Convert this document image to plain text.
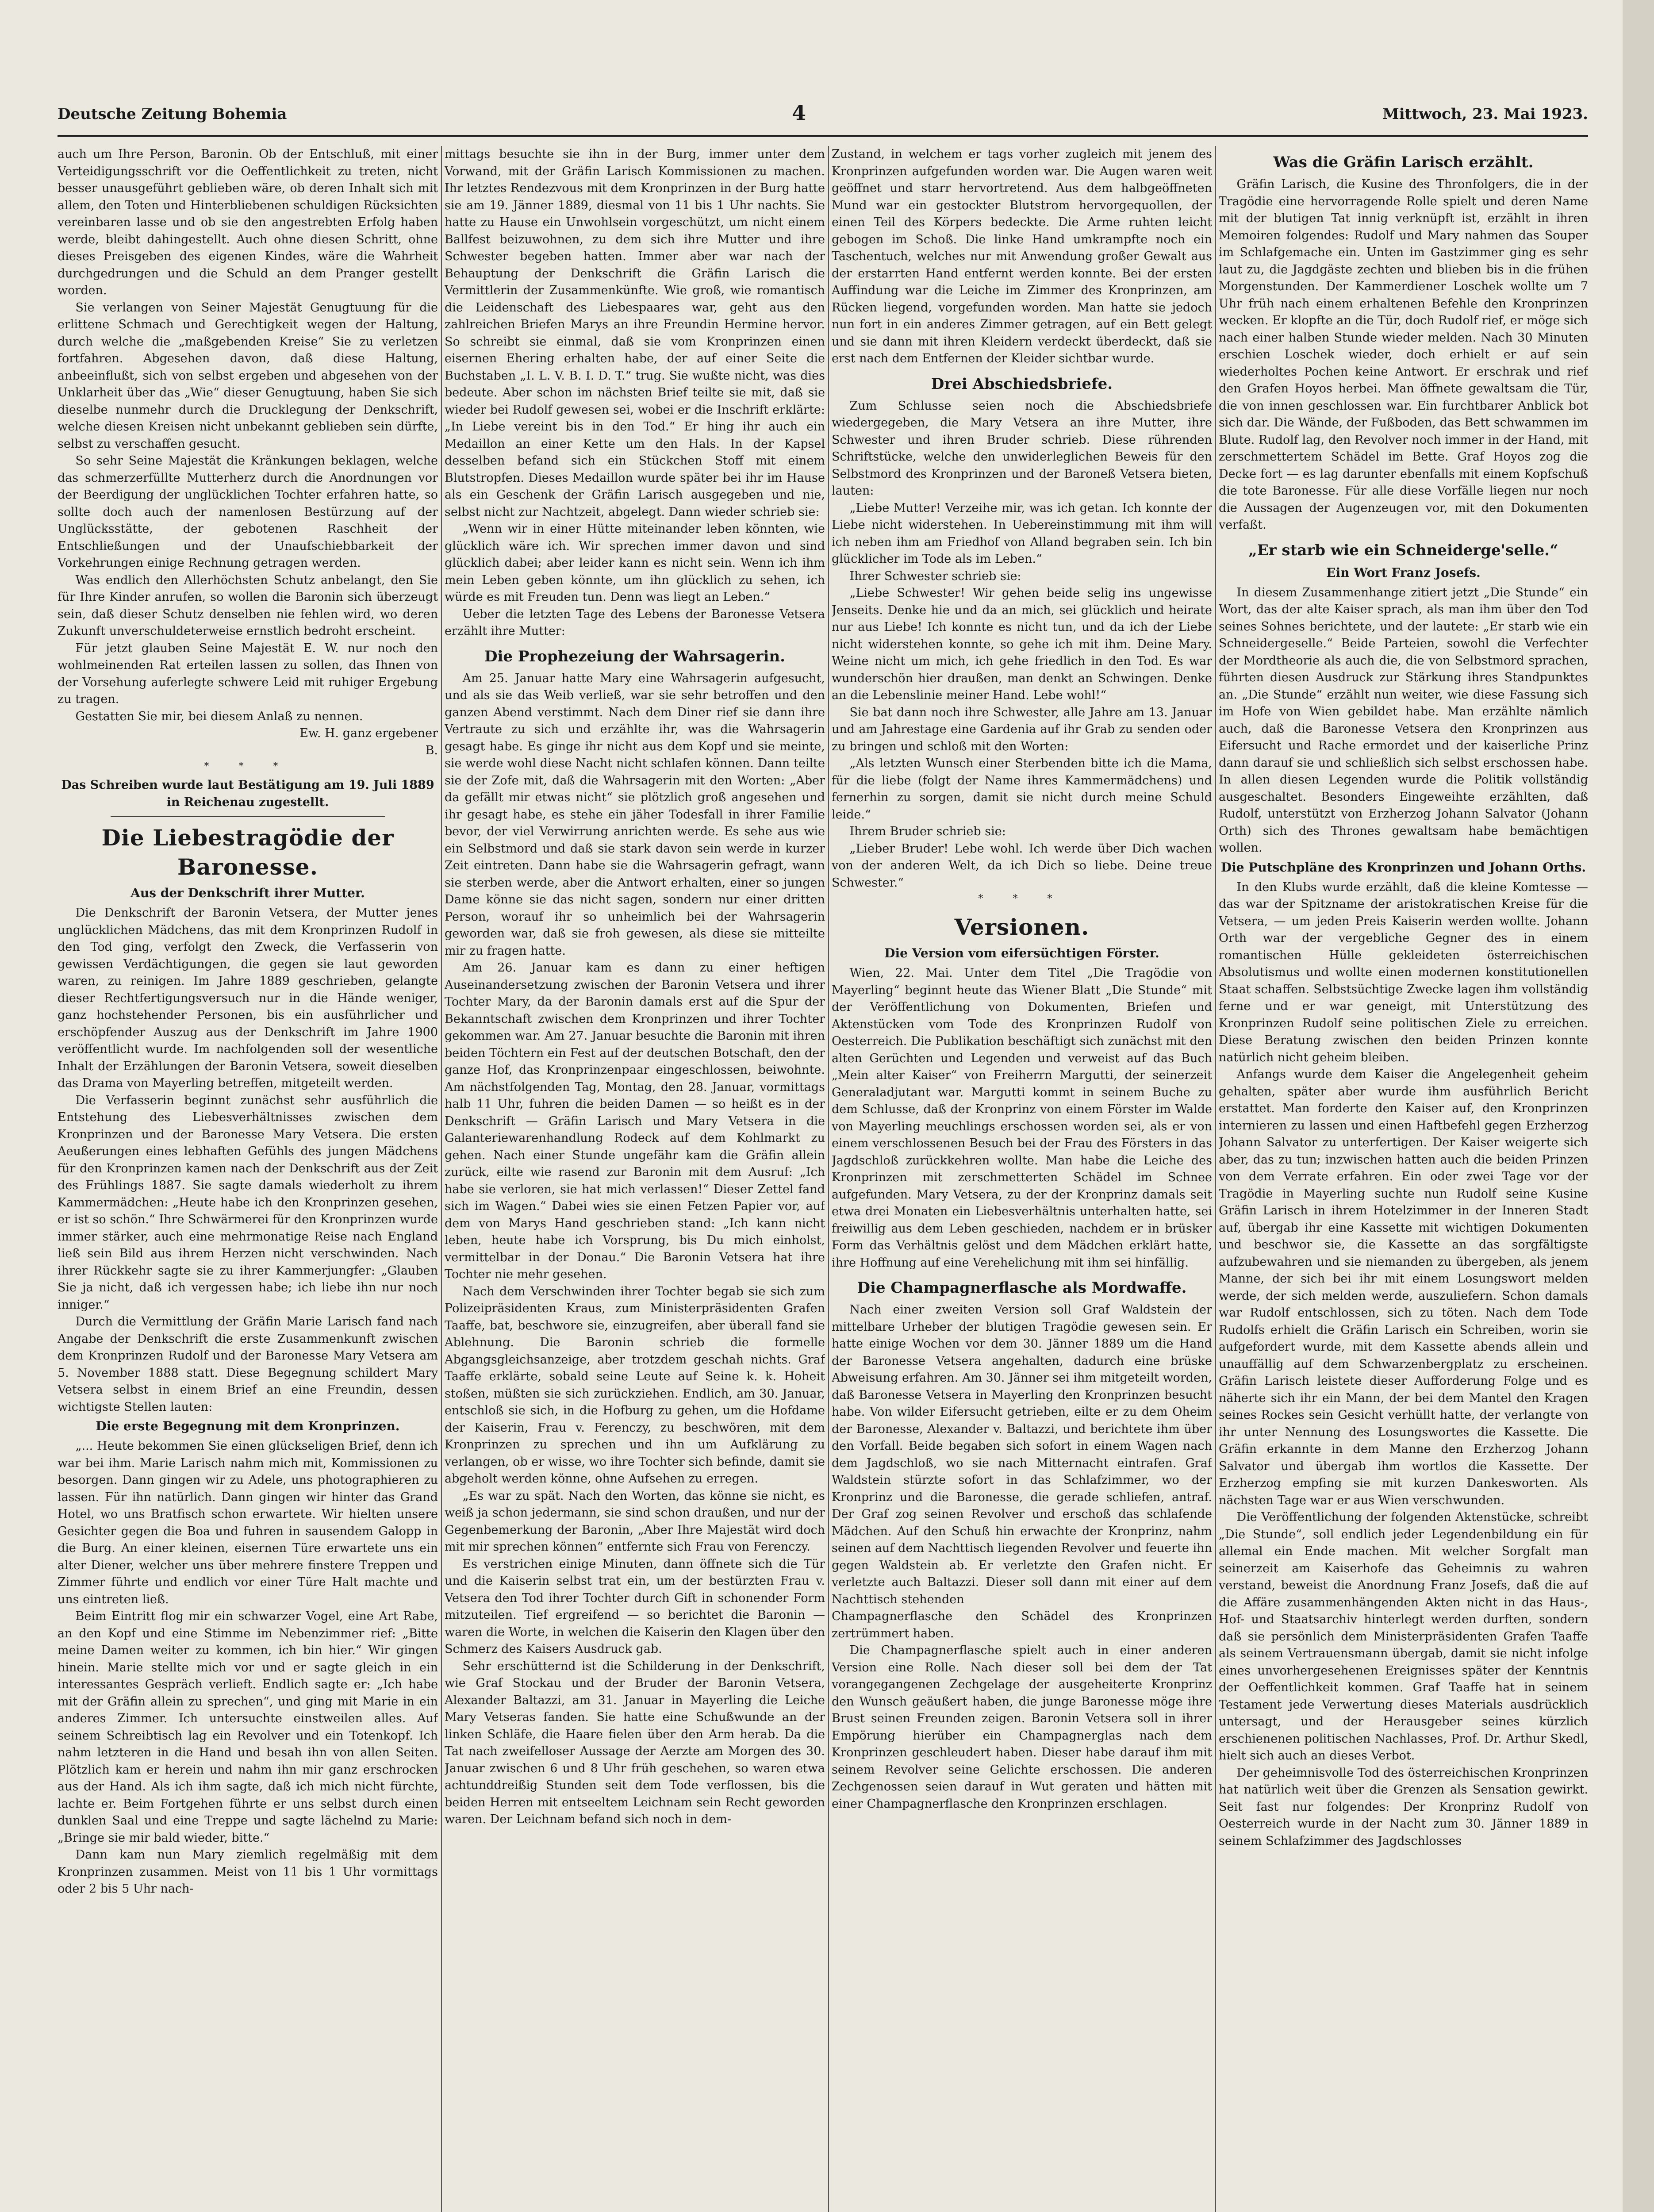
Deutsche Zeitung Bohemia	4	Mittwoch, 23. Mai 1923.

auch um Ihre Person, Baronin. Ob der Entschluß, mit einer Verteidigungsschrift vor die Oeffentlichkeit zu treten, nicht besser unausgeführt geblieben wäre, ob deren Inhalt sich mit allem, den Toten und Hinterbliebenen schuldigen Rücksichten vereinbaren lasse und ob sie den angestrebten Erfolg haben werde, bleibt dahingestellt. Auch ohne diesen Schritt, ohne dieses Preisgeben des eigenen Kindes, wäre die Wahrheit durchgedrungen und die Schuld an dem Pranger gestellt worden.

Sie verlangen von Seiner Majestät Genugtuung für die erlittene Schmach und Gerechtigkeit wegen der Haltung, durch welche die „maßgebenden Kreise“ Sie zu verletzen fortfahren. Abgesehen davon, daß diese Haltung, anbeeinflußt, sich von selbst ergeben und abgesehen von der Unklarheit über das „Wie“ dieser Genugtuung, haben Sie sich dieselbe nunmehr durch die Drucklegung der Denkschrift, welche diesen Kreisen nicht unbekannt geblieben sein dürfte, selbst zu verschaffen gesucht.

So sehr Seine Majestät die Kränkungen beklagen, welche das schmerzerfüllte Mutterherz durch die Anordnungen vor der Beerdigung der unglücklichen Tochter erfahren hatte, so sollte doch auch der namenlosen Bestürzung auf der Unglücksstätte, der gebotenen Raschheit der Entschließungen und der Unaufschiebbarkeit der Vorkehrungen einige Rechnung getragen werden.

Was endlich den Allerhöchsten Schutz anbelangt, den Sie für Ihre Kinder anrufen, so wollen die Baronin sich überzeugt sein, daß dieser Schutz denselben nie fehlen wird, wo deren Zukunft unverschuldeterweise ernstlich bedroht erscheint.

Für jetzt glauben Seine Majestät E. W. nur noch den wohlmeinenden Rat erteilen lassen zu sollen, das Ihnen von der Vorsehung auferlegte schwere Leid mit ruhiger Ergebung zu tragen.

Gestatten Sie mir, bei diesem Anlaß zu nennen.

Ew. H. ganz ergebener

B.

* * *

Das Schreiben wurde laut Bestätigung am 19. Juli 1889 in Reichenau zugestellt.

Die Liebestragödie der Baronesse.

Aus der Denkschrift ihrer Mutter.

Die Denkschrift der Baronin Vetsera, der Mutter jenes unglücklichen Mädchens, das mit dem Kronprinzen Rudolf in den Tod ging, verfolgt den Zweck, die Verfasserin von gewissen Verdächtigungen, die gegen sie laut geworden waren, zu reinigen. Im Jahre 1889 geschrieben, gelangte dieser Rechtfertigungsversuch nur in die Hände weniger, ganz hochstehender Personen, bis ein ausführlicher und erschöpfender Auszug aus der Denkschrift im Jahre 1900 veröffentlicht wurde. Im nachfolgenden soll der wesentliche Inhalt der Erzählungen der Baronin Vetsera, soweit dieselben das Drama von Mayerling betreffen, mitgeteilt werden.

Die Verfasserin beginnt zunächst sehr ausführlich die Entstehung des Liebesverhältnisses zwischen dem Kronprinzen und der Baronesse Mary Vetsera. Die ersten Aeußerungen eines lebhaften Gefühls des jungen Mädchens für den Kronprinzen kamen nach der Denkschrift aus der Zeit des Frühlings 1887. Sie sagte damals wiederholt zu ihrem Kammermädchen: „Heute habe ich den Kronprinzen gesehen, er ist so schön.“ Ihre Schwärmerei für den Kronprinzen wurde immer stärker, auch eine mehrmonatige Reise nach England ließ sein Bild aus ihrem Herzen nicht verschwinden. Nach ihrer Rückkehr sagte sie zu ihrer Kammerjungfer: „Glauben Sie ja nicht, daß ich vergessen habe; ich liebe ihn nur noch inniger.“

Durch die Vermittlung der Gräfin Marie Larisch fand nach Angabe der Denkschrift die erste Zusammenkunft zwischen dem Kronprinzen Rudolf und der Baronesse Mary Vetsera am 5. November 1888 statt. Diese Begegnung schildert Mary Vetsera selbst in einem Brief an eine Freundin, dessen wichtigste Stellen lauten:

Die erste Begegnung mit dem Kronprinzen.

„... Heute bekommen Sie einen glückseligen Brief, denn ich war bei ihm. Marie Larisch nahm mich mit, Kommissionen zu besorgen. Dann gingen wir zu Adele, uns photographieren zu lassen. Für ihn natürlich. Dann gingen wir hinter das Grand Hotel, wo uns Bratfisch schon erwartete. Wir hielten unsere Gesichter gegen die Boa und fuhren in sausendem Galopp in die Burg. An einer kleinen, eisernen Türe erwartete uns ein alter Diener, welcher uns über mehrere finstere Treppen und Zimmer führte und endlich vor einer Türe Halt machte und uns eintreten ließ.

Beim Eintritt flog mir ein schwarzer Vogel, eine Art Rabe, an den Kopf und eine Stimme im Nebenzimmer rief: „Bitte meine Damen weiter zu kommen, ich bin hier.“ Wir gingen hinein. Marie stellte mich vor und er sagte gleich in ein interessantes Gespräch verlieft. Endlich sagte er: „Ich habe mit der Gräfin allein zu sprechen“, und ging mit Marie in ein anderes Zimmer. Ich untersuchte einstweilen alles. Auf seinem Schreibtisch lag ein Revolver und ein Totenkopf. Ich nahm letzteren in die Hand und besah ihn von allen Seiten. Plötzlich kam er herein und nahm ihn mir ganz erschrocken aus der Hand. Als ich ihm sagte, daß ich mich nicht fürchte, lachte er. Beim Fortgehen führte er uns selbst durch einen dunklen Saal und eine Treppe und sagte lächelnd zu Marie: „Bringe sie mir bald wieder, bitte.“

Dann kam nun Mary ziemlich regelmäßig mit dem Kronprinzen zusammen. Meist von 11 bis 1 Uhr vormittags oder 2 bis 5 Uhr nach-

mittags besuchte sie ihn in der Burg, immer unter dem Vorwand, mit der Gräfin Larisch Kommissionen zu machen. Ihr letztes Rendezvous mit dem Kronprinzen in der Burg hatte sie am 19. Jänner 1889, diesmal von 11 bis 1 Uhr nachts. Sie hatte zu Hause ein Unwohlsein vorgeschützt, um nicht einem Ballfest beizuwohnen, zu dem sich ihre Mutter und ihre Schwester begeben hatten. Immer aber war nach der Behauptung der Denkschrift die Gräfin Larisch die Vermittlerin der Zusammenkünfte. Wie groß, wie romantisch die Leidenschaft des Liebespaares war, geht aus den zahlreichen Briefen Marys an ihre Freundin Hermine hervor. So schreibt sie einmal, daß sie vom Kronprinzen einen eisernen Ehering erhalten habe, der auf einer Seite die Buchstaben „I. L. V. B. I. D. T.“ trug. Sie wußte nicht, was dies bedeute. Aber schon im nächsten Brief teilte sie mit, daß sie wieder bei Rudolf gewesen sei, wobei er die Inschrift erklärte: „In Liebe vereint bis in den Tod.“ Er hing ihr auch ein Medaillon an einer Kette um den Hals. In der Kapsel desselben befand sich ein Stückchen Stoff mit einem Blutstropfen. Dieses Medaillon wurde später bei ihr im Hause als ein Geschenk der Gräfin Larisch ausgegeben und nie, selbst nicht zur Nachtzeit, abgelegt. Dann wieder schrieb sie:

„Wenn wir in einer Hütte miteinander leben könnten, wie glücklich wäre ich. Wir sprechen immer davon und sind glücklich dabei; aber leider kann es nicht sein. Wenn ich ihm mein Leben geben könnte, um ihn glücklich zu sehen, ich würde es mit Freuden tun. Denn was liegt an Leben.“

Ueber die letzten Tage des Lebens der Baronesse Vetsera erzählt ihre Mutter:

Die Prophezeiung der Wahrsagerin.

Am 25. Januar hatte Mary eine Wahrsagerin aufgesucht, und als sie das Weib verließ, war sie sehr betroffen und den ganzen Abend verstimmt. Nach dem Diner rief sie dann ihre Vertraute zu sich und erzählte ihr, was die Wahrsagerin gesagt habe. Es ginge ihr nicht aus dem Kopf und sie meinte, sie werde wohl diese Nacht nicht schlafen können. Dann teilte sie der Zofe mit, daß die Wahrsagerin mit den Worten: „Aber da gefällt mir etwas nicht“ sie plötzlich groß angesehen und ihr gesagt habe, es stehe ein jäher Todesfall in ihrer Familie bevor, der viel Verwirrung anrichten werde. Es sehe aus wie ein Selbstmord und daß sie stark davon sein werde in kurzer Zeit eintreten. Dann habe sie die Wahrsagerin gefragt, wann sie sterben werde, aber die Antwort erhalten, einer so jungen Dame könne sie das nicht sagen, sondern nur einer dritten Person, worauf ihr so unheimlich bei der Wahrsagerin geworden war, daß sie froh gewesen, als diese sie mitteilte mir zu fragen hatte.

Am 26. Januar kam es dann zu einer heftigen Auseinandersetzung zwischen der Baronin Vetsera und ihrer Tochter Mary, da der Baronin damals erst auf die Spur der Bekanntschaft zwischen dem Kronprinzen und ihrer Tochter gekommen war. Am 27. Januar besuchte die Baronin mit ihren beiden Töchtern ein Fest auf der deutschen Botschaft, den der ganze Hof, das Kronprinzenpaar eingeschlossen, beiwohnte. Am nächstfolgenden Tag, Montag, den 28. Januar, vormittags halb 11 Uhr, fuhren die beiden Damen — so heißt es in der Denkschrift — Gräfin Larisch und Mary Vetsera in die Galanteriewarenhandlung Rodeck auf dem Kohlmarkt zu gehen. Nach einer Stunde ungefähr kam die Gräfin allein zurück, eilte wie rasend zur Baronin mit dem Ausruf: „Ich habe sie verloren, sie hat mich verlassen!“ Dieser Zettel fand sich im Wagen.“ Dabei wies sie einen Fetzen Papier vor, auf dem von Marys Hand geschrieben stand: „Ich kann nicht leben, heute habe ich Vorsprung, bis Du mich einholst, vermittelbar in der Donau.“ Die Baronin Vetsera hat ihre Tochter nie mehr gesehen.

Nach dem Verschwinden ihrer Tochter begab sie sich zum Polizeipräsidenten Kraus, zum Ministerpräsidenten Grafen Taaffe, bat, beschwore sie, einzugreifen, aber überall fand sie Ablehnung. Die Baronin schrieb die formelle Abgangsgleichsanzeige, aber trotzdem geschah nichts. Graf Taaffe erklärte, sobald seine Leute auf Seine k. k. Hoheit stoßen, müßten sie sich zurückziehen. Endlich, am 30. Januar, entschloß sie sich, in die Hofburg zu gehen, um die Hofdame der Kaiserin, Frau v. Ferenczy, zu beschwören, mit dem Kronprinzen zu sprechen und ihn um Aufklärung zu verlangen, ob er wisse, wo ihre Tochter sich befinde, damit sie abgeholt werden könne, ohne Aufsehen zu erregen.

„Es war zu spät. Nach den Worten, das könne sie nicht, es weiß ja schon jedermann, sie sind schon draußen, und nur der Gegenbemerkung der Baronin, „Aber Ihre Majestät wird doch mit mir sprechen können“ entfernte sich Frau von Ferenczy.

Es verstrichen einige Minuten, dann öffnete sich die Tür und die Kaiserin selbst trat ein, um der bestürzten Frau v. Vetsera den Tod ihrer Tochter durch Gift in schonender Form mitzuteilen. Tief ergreifend — so berichtet die Baronin — waren die Worte, in welchen die Kaiserin den Klagen über den Schmerz des Kaisers Ausdruck gab.

Sehr erschütternd ist die Schilderung in der Denkschrift, wie Graf Stockau und der Bruder der Baronin Vetsera, Alexander Baltazzi, am 31. Januar in Mayerling die Leiche Mary Vetseras fanden. Sie hatte eine Schußwunde an der linken Schläfe, die Haare fielen über den Arm herab. Da die Tat nach zweifelloser Aussage der Aerzte am Morgen des 30. Januar zwischen 6 und 8 Uhr früh geschehen, so waren etwa achtunddreißig Stunden seit dem Tode verflossen, bis die beiden Herren mit entseeltem Leichnam sein Recht geworden waren. Der Leichnam befand sich noch in dem-

Zustand, in welchem er tags vorher zugleich mit jenem des Kronprinzen aufgefunden worden war. Die Augen waren weit geöffnet und starr hervortretend. Aus dem halbgeöffneten Mund war ein gestockter Blutstrom hervorgequollen, der einen Teil des Körpers bedeckte. Die Arme ruhten leicht gebogen im Schoß. Die linke Hand umkrampfte noch ein Taschentuch, welches nur mit Anwendung großer Gewalt aus der erstarrten Hand entfernt werden konnte. Bei der ersten Auffindung war die Leiche im Zimmer des Kronprinzen, am Rücken liegend, vorgefunden worden. Man hatte sie jedoch nun fort in ein anderes Zimmer getragen, auf ein Bett gelegt und sie dann mit ihren Kleidern verdeckt überdeckt, daß sie erst nach dem Entfernen der Kleider sichtbar wurde.

Drei Abschiedsbriefe.

Zum Schlusse seien noch die Abschiedsbriefe wiedergegeben, die Mary Vetsera an ihre Mutter, ihre Schwester und ihren Bruder schrieb. Diese rührenden Schriftstücke, welche den unwiderleglichen Beweis für den Selbstmord des Kronprinzen und der Baroneß Vetsera bieten, lauten:

„Liebe Mutter! Verzeihe mir, was ich getan. Ich konnte der Liebe nicht widerstehen. In Uebereinstimmung mit ihm will ich neben ihm am Friedhof von Alland begraben sein. Ich bin glücklicher im Tode als im Leben.“

Ihrer Schwester schrieb sie:

„Liebe Schwester! Wir gehen beide selig ins ungewisse Jenseits. Denke hie und da an mich, sei glücklich und heirate nur aus Liebe! Ich konnte es nicht tun, und da ich der Liebe nicht widerstehen konnte, so gehe ich mit ihm. Deine Mary. Weine nicht um mich, ich gehe friedlich in den Tod. Es war wunderschön hier draußen, man denkt an Schwingen. Denke an die Lebenslinie meiner Hand. Lebe wohl!“

Sie bat dann noch ihre Schwester, alle Jahre am 13. Januar und am Jahrestage eine Gardenia auf ihr Grab zu senden oder zu bringen und schloß mit den Worten:

„Als letzten Wunsch einer Sterbenden bitte ich die Mama, für die liebe (folgt der Name ihres Kammermädchens) und fernerhin zu sorgen, damit sie nicht durch meine Schuld leide.“

Ihrem Bruder schrieb sie:

„Lieber Bruder! Lebe wohl. Ich werde über Dich wachen von der anderen Welt, da ich Dich so liebe. Deine treue Schwester.“

* * *

Versionen.

Die Version vom eifersüchtigen Förster.

Wien, 22. Mai. Unter dem Titel „Die Tragödie von Mayerling“ beginnt heute das Wiener Blatt „Die Stunde“ mit der Veröffentlichung von Dokumenten, Briefen und Aktenstücken vom Tode des Kronprinzen Rudolf von Oesterreich. Die Publikation beschäftigt sich zunächst mit den alten Gerüchten und Legenden und verweist auf das Buch „Mein alter Kaiser“ von Freiherrn Margutti, der seinerzeit Generaladjutant war. Margutti kommt in seinem Buche zu dem Schlusse, daß der Kronprinz von einem Förster im Walde von Mayerling meuchlings erschossen worden sei, als er von einem verschlossenen Besuch bei der Frau des Försters in das Jagdschloß zurückkehren wollte. Man habe die Leiche des Kronprinzen mit zerschmetterten Schädel im Schnee aufgefunden. Mary Vetsera, zu der der Kronprinz damals seit etwa drei Monaten ein Liebesverhältnis unterhalten hatte, sei freiwillig aus dem Leben geschieden, nachdem er in brüsker Form das Verhältnis gelöst und dem Mädchen erklärt hatte, ihre Hoffnung auf eine Verehelichung mit ihm sei hinfällig.

Die Champagnerflasche als Mordwaffe.

Nach einer zweiten Version soll Graf Waldstein der mittelbare Urheber der blutigen Tragödie gewesen sein. Er hatte einige Wochen vor dem 30. Jänner 1889 um die Hand der Baronesse Vetsera angehalten, dadurch eine brüske Abweisung erfahren. Am 30. Jänner sei ihm mitgeteilt worden, daß Baronesse Vetsera in Mayerling den Kronprinzen besucht habe. Von wilder Eifersucht getrieben, eilte er zu dem Oheim der Baronesse, Alexander v. Baltazzi, und berichtete ihm über den Vorfall. Beide begaben sich sofort in einem Wagen nach dem Jagdschloß, wo sie nach Mitternacht eintrafen. Graf Waldstein stürzte sofort in das Schlafzimmer, wo der Kronprinz und die Baronesse, die gerade schliefen, antraf. Der Graf zog seinen Revolver und erschoß das schlafende Mädchen. Auf den Schuß hin erwachte der Kronprinz, nahm seinen auf dem Nachttisch liegenden Revolver und feuerte ihn gegen Waldstein ab. Er verletzte den Grafen nicht. Er verletzte auch Baltazzi. Dieser soll dann mit einer auf dem Nachttisch stehenden

Champagnerflasche den Schädel des Kronprinzen zertrümmert haben.

Die Champagnerflasche spielt auch in einer anderen Version eine Rolle. Nach dieser soll bei dem der Tat vorangegangenen Zechgelage der ausgeheiterte Kronprinz den Wunsch geäußert haben, die junge Baronesse möge ihre Brust seinen Freunden zeigen. Baronin Vetsera soll in ihrer Empörung hierüber ein Champagnerglas nach dem Kronprinzen geschleudert haben. Dieser habe darauf ihm mit seinem Revolver seine Gelichte erschossen. Die anderen Zechgenossen seien darauf in Wut geraten und hätten mit einer Champagnerflasche den Kronprinzen erschlagen.

Was die Gräfin Larisch erzählt.

Gräfin Larisch, die Kusine des Thronfolgers, die in der Tragödie eine hervorragende Rolle spielt und deren Name mit der blutigen Tat innig verknüpft ist, erzählt in ihren Memoiren folgendes: Rudolf und Mary nahmen das Souper im Schlafgemache ein. Unten im Gastzimmer ging es sehr laut zu, die Jagdgäste zechten und blieben bis in die frühen Morgenstunden. Der Kammerdiener Loschek wollte um 7 Uhr früh nach einem erhaltenen Befehle den Kronprinzen wecken. Er klopfte an die Tür, doch Rudolf rief, er möge sich nach einer halben Stunde wieder melden. Nach 30 Minuten erschien Loschek wieder, doch erhielt er auf sein wiederholtes Pochen keine Antwort. Er erschrak und rief den Grafen Hoyos herbei. Man öffnete gewaltsam die Tür, die von innen geschlossen war. Ein furchtbarer Anblick bot sich dar. Die Wände, der Fußboden, das Bett schwammen im Blute. Rudolf lag, den Revolver noch immer in der Hand, mit zerschmettertem Schädel im Bette. Graf Hoyos zog die Decke fort — es lag darunter ebenfalls mit einem Kopfschuß die tote Baronesse. Für alle diese Vorfälle liegen nur noch die Aussagen der Augenzeugen vor, mit den Dokumenten verfaßt.

„Er starb wie ein Schneiderge'selle.“

Ein Wort Franz Josefs.

In diesem Zusammenhange zitiert jetzt „Die Stunde“ ein Wort, das der alte Kaiser sprach, als man ihm über den Tod seines Sohnes berichtete, und der lautete: „Er starb wie ein Schneidergeselle.“ Beide Parteien, sowohl die Verfechter der Mordtheorie als auch die, die von Selbstmord sprachen, führten diesen Ausdruck zur Stärkung ihres Standpunktes an. „Die Stunde“ erzählt nun weiter, wie diese Fassung sich im Hofe von Wien gebildet habe. Man erzählte nämlich auch, daß die Baronesse Vetsera den Kronprinzen aus Eifersucht und Rache ermordet und der kaiserliche Prinz dann darauf sie und schließlich sich selbst erschossen habe. In allen diesen Legenden wurde die Politik vollständig ausgeschaltet. Besonders Eingeweihte erzählten, daß Rudolf, unterstützt von Erzherzog Johann Salvator (Johann Orth) sich des Thrones gewaltsam habe bemächtigen wollen.

Die Putschpläne des Kronprinzen und Johann Orths.

In den Klubs wurde erzählt, daß die kleine Komtesse — das war der Spitzname der aristokratischen Kreise für die Vetsera, — um jeden Preis Kaiserin werden wollte. Johann Orth war der vergebliche Gegner des in einem romantischen Hülle gekleideten österreichischen Absolutismus und wollte einen modernen konstitutionellen Staat schaffen. Selbstsüchtige Zwecke lagen ihm vollständig ferne und er war geneigt, mit Unterstützung des Kronprinzen Rudolf seine politischen Ziele zu erreichen. Diese Beratung zwischen den beiden Prinzen konnte natürlich nicht geheim bleiben.

Anfangs wurde dem Kaiser die Angelegenheit geheim gehalten, später aber wurde ihm ausführlich Bericht erstattet. Man forderte den Kaiser auf, den Kronprinzen internieren zu lassen und einen Haftbefehl gegen Erzherzog Johann Salvator zu unterfertigen. Der Kaiser weigerte sich aber, das zu tun; inzwischen hatten auch die beiden Prinzen von dem Verrate erfahren. Ein oder zwei Tage vor der Tragödie in Mayerling suchte nun Rudolf seine Kusine Gräfin Larisch in ihrem Hotelzimmer in der Inneren Stadt auf, übergab ihr eine Kassette mit wichtigen Dokumenten und beschwor sie, die Kassette an das sorgfältigste aufzubewahren und sie niemanden zu übergeben, als jenem Manne, der sich bei ihr mit einem Losungswort melden werde, der sich melden werde, auszuliefern. Schon damals war Rudolf entschlossen, sich zu töten. Nach dem Tode Rudolfs erhielt die Gräfin Larisch ein Schreiben, worin sie aufgefordert wurde, mit dem Kassette abends allein und unauffällig auf dem Schwarzenbergplatz zu erscheinen. Gräfin Larisch leistete dieser Aufforderung Folge und es näherte sich ihr ein Mann, der bei dem Mantel den Kragen seines Rockes sein Gesicht verhüllt hatte, der verlangte von ihr unter Nennung des Losungswortes die Kassette. Die Gräfin erkannte in dem Manne den Erzherzog Johann Salvator und übergab ihm wortlos die Kassette. Der Erzherzog empfing sie mit kurzen Dankesworten. Als nächsten Tage war er aus Wien verschwunden.

Die Veröffentlichung der folgenden Aktenstücke, schreibt „Die Stunde“, soll endlich jeder Legendenbildung ein für allemal ein Ende machen. Mit welcher Sorgfalt man seinerzeit am Kaiserhofe das Geheimnis zu wahren verstand, beweist die Anordnung Franz Josefs, daß die auf die Affäre zusammenhängenden Akten nicht in das Haus-, Hof- und Staatsarchiv hinterlegt werden durften, sondern daß sie persönlich dem Ministerpräsidenten Grafen Taaffe als seinem Vertrauensmann übergab, damit sie nicht infolge eines unvorhergesehenen Ereignisses später der Kenntnis der Oeffentlichkeit kommen. Graf Taaffe hat in seinem Testament jede Verwertung dieses Materials ausdrücklich untersagt, und der Herausgeber seines kürzlich erschienenen politischen Nachlasses, Prof. Dr. Arthur Skedl, hielt sich auch an dieses Verbot.

Der geheimnisvolle Tod des österreichischen Kronprinzen hat natürlich weit über die Grenzen als Sensation gewirkt. Seit fast nur folgendes: Der Kronprinz Rudolf von Oesterreich wurde in der Nacht zum 30. Jänner 1889 in seinem Schlafzimmer des Jagdschlosses
